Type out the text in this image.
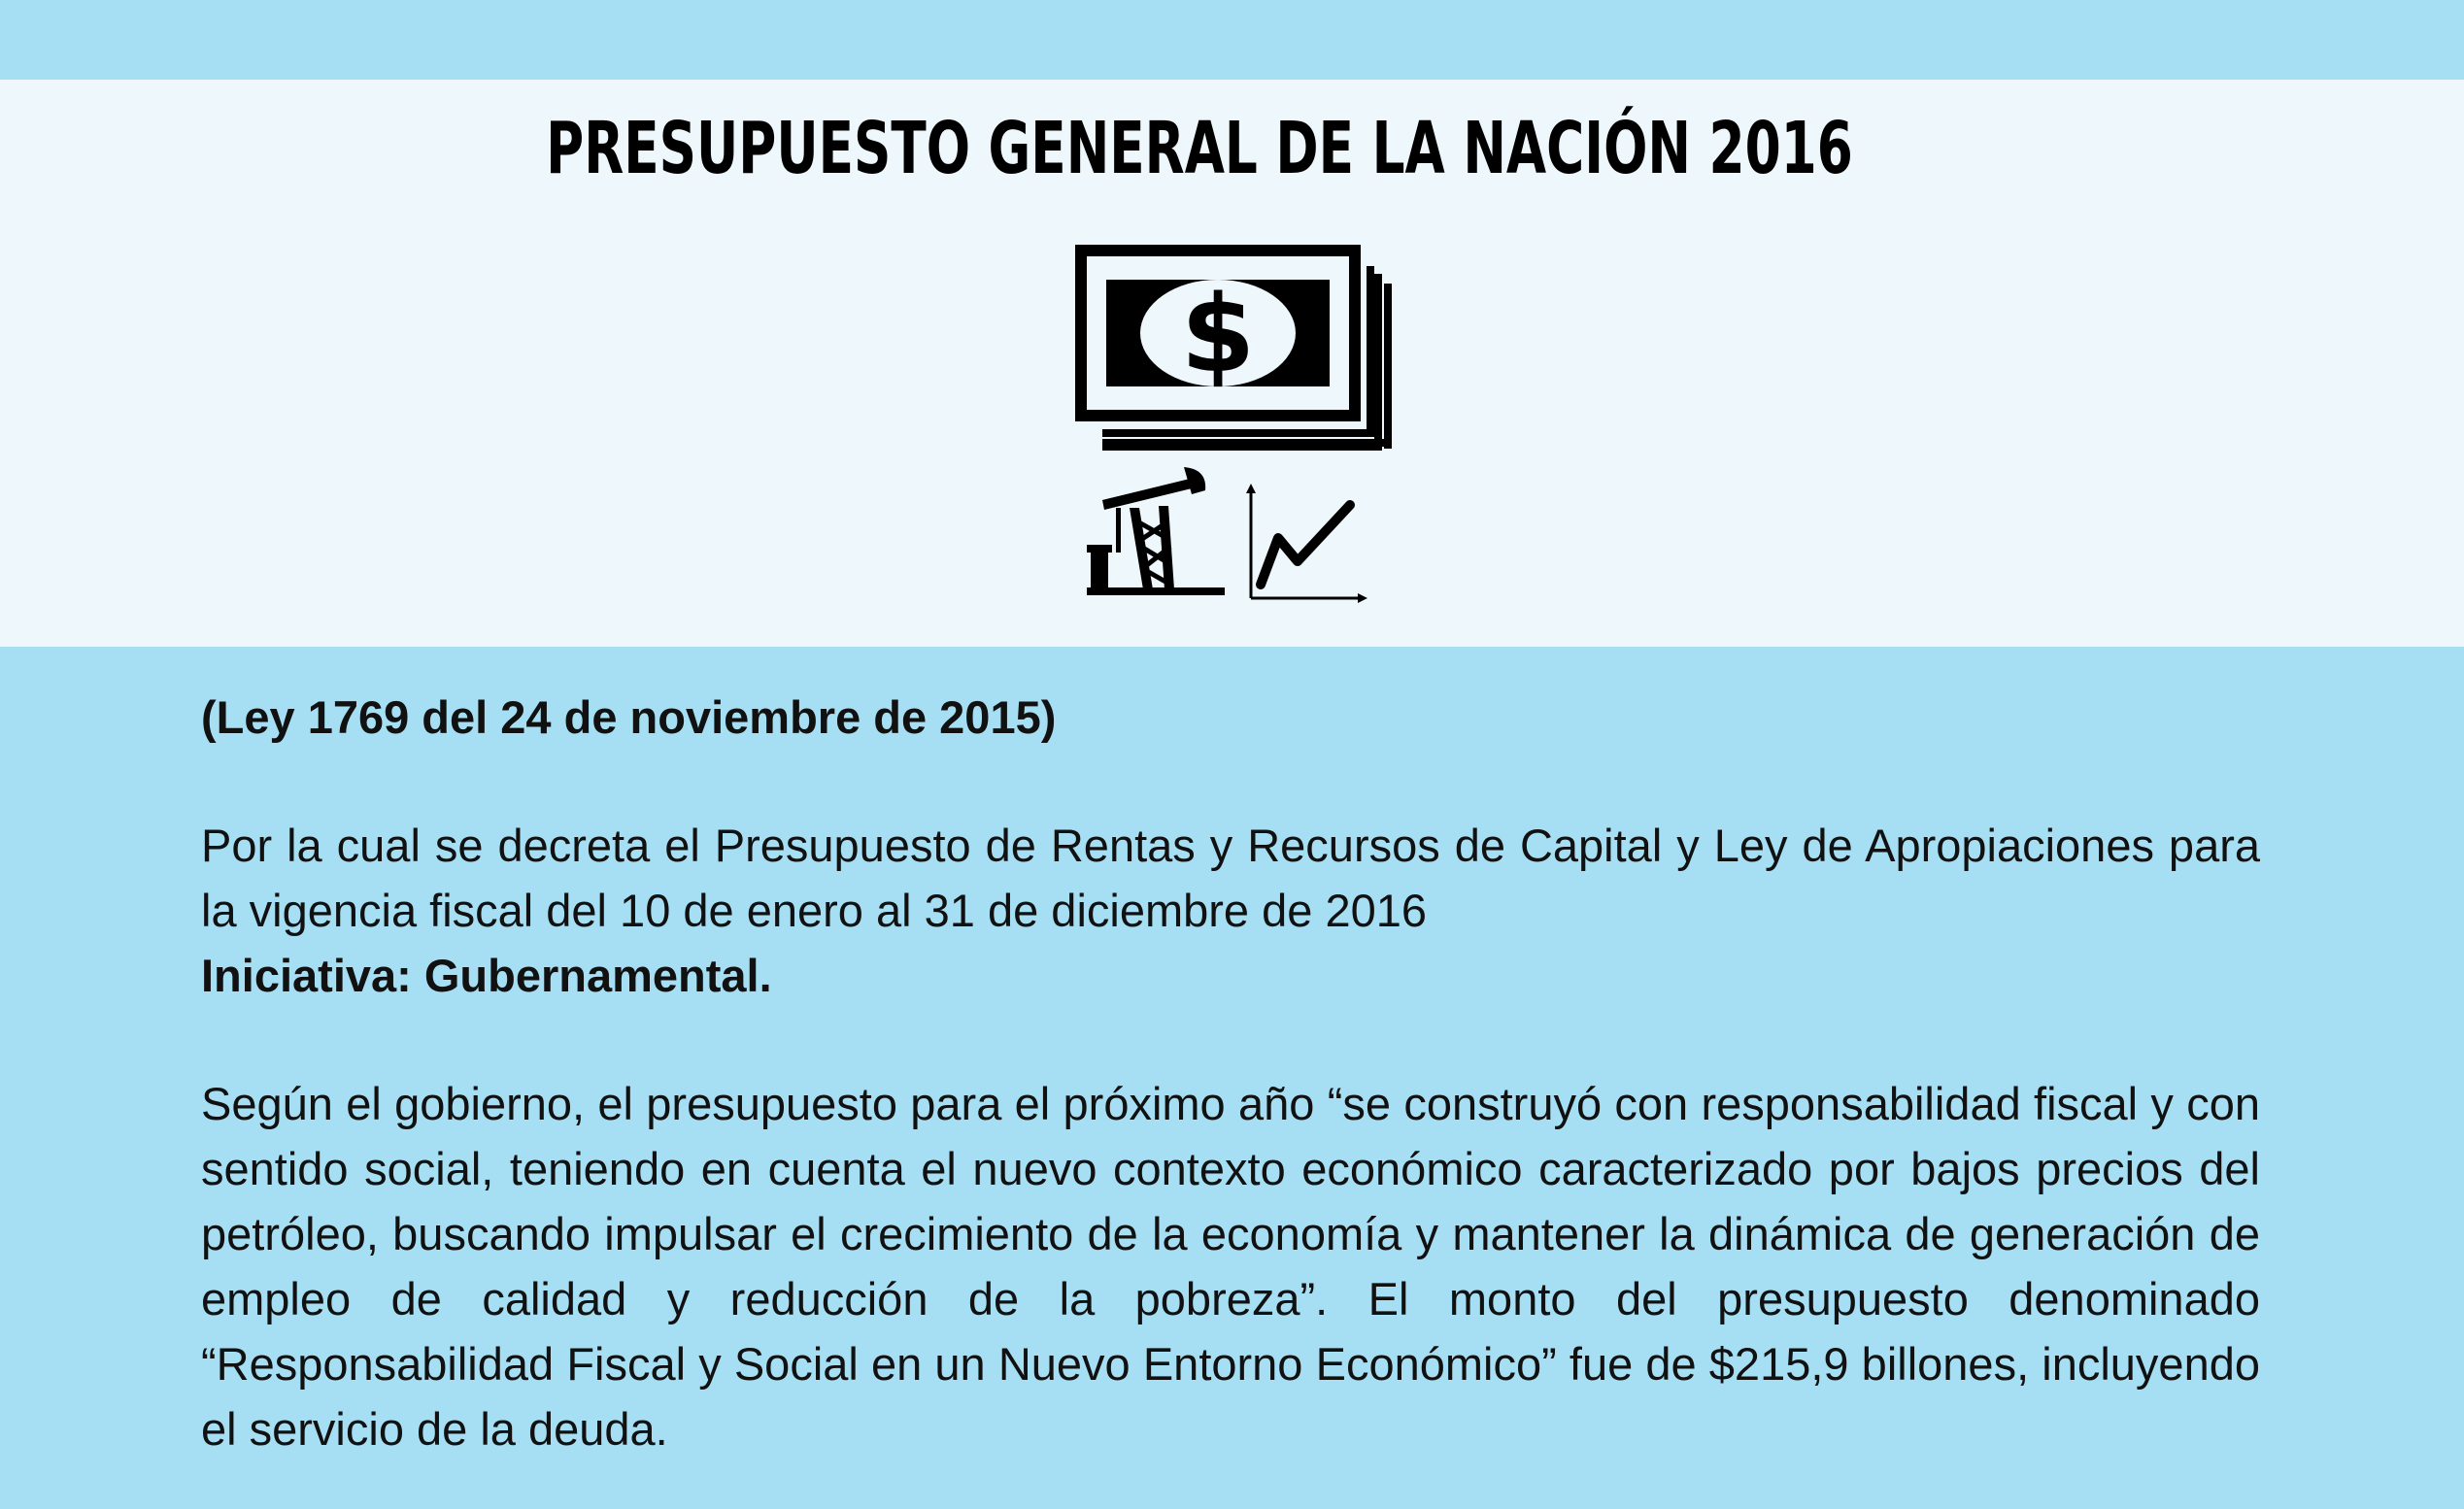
PRESUPUESTO GENERAL DE LA NACIÓN 2016
$

(Ley 1769 del 24 de noviembre de 2015)

Por la cual se decreta el Presupuesto de Rentas y Recursos de Capital y Ley de Apropiaciones para la vigencia fiscal del 10 de enero al 31 de diciembre de 2016

Iniciativa: Gubernamental.

Según el gobierno, el presupuesto para el próximo año “se construyó con responsabilidad fiscal y con sentido social, teniendo en cuenta el nuevo contexto económico caracterizado por bajos precios del petróleo, buscando impulsar el crecimiento de la economía y mantener la dinámica de generación de empleo de calidad y reducción de la pobreza”. El monto del presupuesto denominado “Responsabilidad Fiscal y Social en un Nuevo Entorno Económico” fue de $215,9 billones, incluyendo el servicio de la deuda.
